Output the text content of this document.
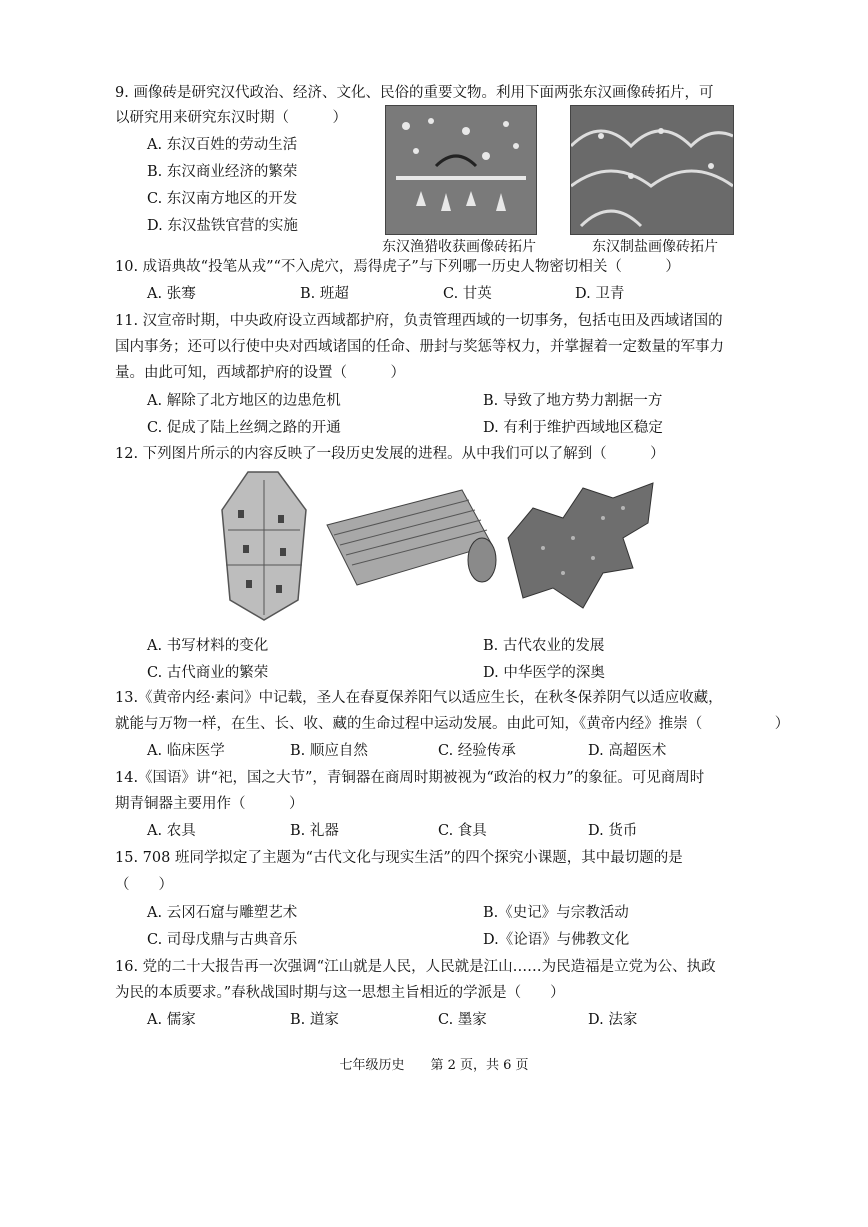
9. 画像砖是研究汉代政治、经济、文化、民俗的重要文物。利用下面两张东汉画像砖拓片，可
以研究用来研究东汉时期（　　　）
A. 东汉百姓的劳动生活
B. 东汉商业经济的繁荣
C. 东汉南方地区的开发
D. 东汉盐铁官营的实施
东汉渔猎收获画像砖拓片	东汉制盐画像砖拓片
10. 成语典故“投笔从戎”“不入虎穴，焉得虎子”与下列哪一历史人物密切相关（　　　）
A. 张骞	B. 班超	C. 甘英	D. 卫青
11. 汉宣帝时期，中央政府设立西域都护府，负责管理西域的一切事务，包括屯田及西域诸国的
国内事务；还可以行使中央对西域诸国的任命、册封与奖惩等权力，并掌握着一定数量的军事力
量。由此可知，西域都护府的设置（　　　）
A. 解除了北方地区的边患危机	B. 导致了地方势力割据一方
C. 促成了陆上丝绸之路的开通	D. 有利于维护西域地区稳定
12. 下列图片所示的内容反映了一段历史发展的进程。从中我们可以了解到（　　　）
A. 书写材料的变化	B. 古代农业的发展
C. 古代商业的繁荣	D. 中华医学的深奥
13.《黄帝内经·素问》中记载，圣人在春夏保养阳气以适应生长，在秋冬保养阴气以适应收藏，
就能与万物一样，在生、长、收、藏的生命过程中运动发展。由此可知，《黄帝内经》推崇（　　　　　）
A. 临床医学	B. 顺应自然	C. 经验传承	D. 高超医术
14.《国语》讲“祀，国之大节”，青铜器在商周时期被视为“政治的权力”的象征。可见商周时
期青铜器主要用作（　　　）
A. 农具	B. 礼器	C. 食具	D. 货币
15. 708 班同学拟定了主题为“古代文化与现实生活”的四个探究小课题，其中最切题的是
（　　）
A. 云冈石窟与雕塑艺术	B.《史记》与宗教活动
C. 司母戊鼎与古典音乐	D.《论语》与佛教文化
16. 党的二十大报告再一次强调“江山就是人民，人民就是江山……为民造福是立党为公、执政
为民的本质要求。”春秋战国时期与这一思想主旨相近的学派是（　　）
A. 儒家	B. 道家	C. 墨家	D. 法家
七年级历史　　第 2 页，共 6 页
